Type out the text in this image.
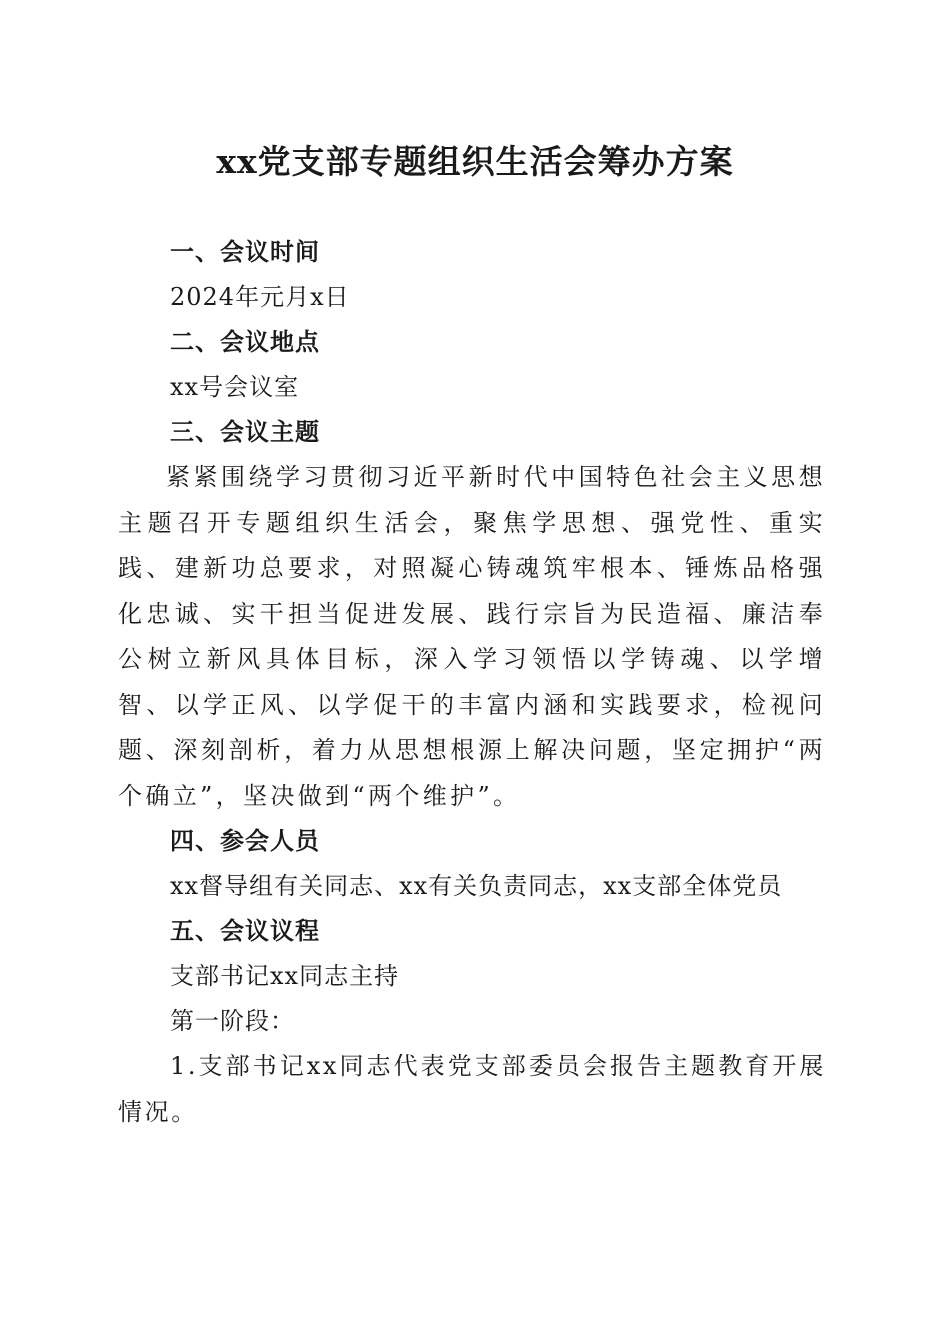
xx党支部专题组织生活会筹办方案
一、会议时间
2024年元月x日
二、会议地点
xx号会议室
三、会议主题

紧紧围绕学习贯彻习近平新时代中国特色社会主义思想主题召开专题组织生活会，聚焦学思想、强党性、重实践、建新功总要求，对照凝心铸魂筑牢根本、锤炼品格强化忠诚、实干担当促进发展、践行宗旨为民造福、廉洁奉公树立新风具体目标，深入学习领悟以学铸魂、以学增智、以学正风、以学促干的丰富内涵和实践要求，检视问题、深刻剖析，着力从思想根源上解决问题，坚定拥护“两个确立”，坚决做到“两个维护”。

四、参会人员
xx督导组有关同志、xx有关负责同志，xx支部全体党员
五、会议议程
支部书记xx同志主持
第一阶段：

1.支部书记xx同志代表党支部委员会报告主题教育开展情况。
